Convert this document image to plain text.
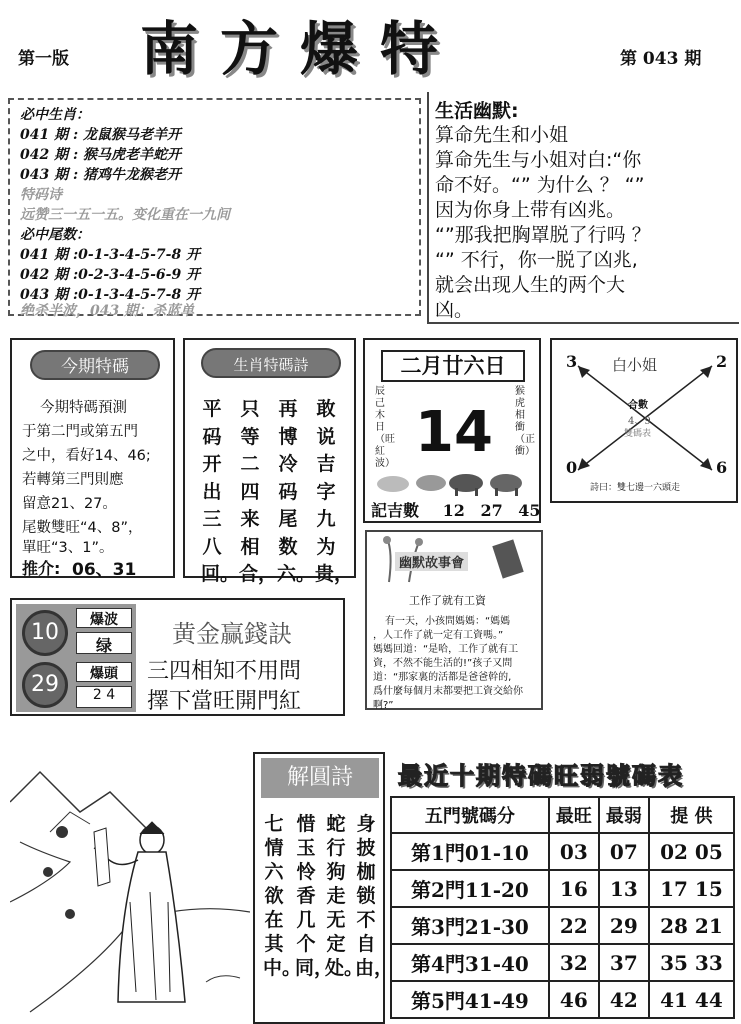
南方爆特
第一版	第 043 期
必中生肖：
041 期 : 龙鼠猴马老羊开
042 期 : 猴马虎老羊蛇开
043 期 : 猪鸡牛龙猴老开
特码诗
远赞三一五一五。变化重在一九间
必中尾数：
041 期 :0-1-3-4-5-7-8 开
042 期 :0-2-3-4-5-6-9 开
043 期 :0-1-3-4-5-7-8 开
绝杀半波，043 期：杀蓝单
生活幽默:
算命先生和小姐
算命先生与小姐对白:“你
命不好。“” 为什么 ？ “”
因为你身上带有凶兆。
“”那我把胸罩脱了行吗 ？
“” 不行，你一脱了凶兆,
就会出现人生的两个大
凶。
今期特碼
今期特碼預測
于第二門或第五門
之中，看好14、46;
若轉第三門則應
留意21、27。
尾數雙旺“4、8”，
單旺“3、1”。
推介: 06、31
生肖特碼詩
敢说吉字九为贵，
再博冷码尾数六。
只等二四来相合，
平码开出三八回。
二月廿六日
辰己木日（旺紅波） 14
猴虎相衝（正衝）
記吉數 12 27 45
3	2
0	6
白小姐
合數
4、9
雙碼表
詩曰：雙七邊一六頭走
幽默故事會
工作了就有工資
有一天，小孩問媽媽：“媽媽
，人工作了就一定有工資嗎。”
媽媽回道：“是哈，工作了就有工
資，不然不能生活的!”孩子又問
道：“那家裏的活都是爸爸幹的,
爲什麼每個月末都要把工資交給你
啊?”
10	爆波
绿
29	爆頭
2 4
黄金赢錢訣
三四相知不用問
擇下當旺開門紅
解圓詩
身披枷锁不自由，
蛇行狗走无定处。
惜玉怜香几个同，
七情六欲在其中。
最近十期特碼旺弱號碼表
五門號碼分	最旺	最弱	提 供
第1門01-10	03	07	02 05
第2門11-20	16	13	17 15
第3門21-30	22	29	28 21
第4門31-40	32	37	35 33
第5門41-49	46	42	41 44
